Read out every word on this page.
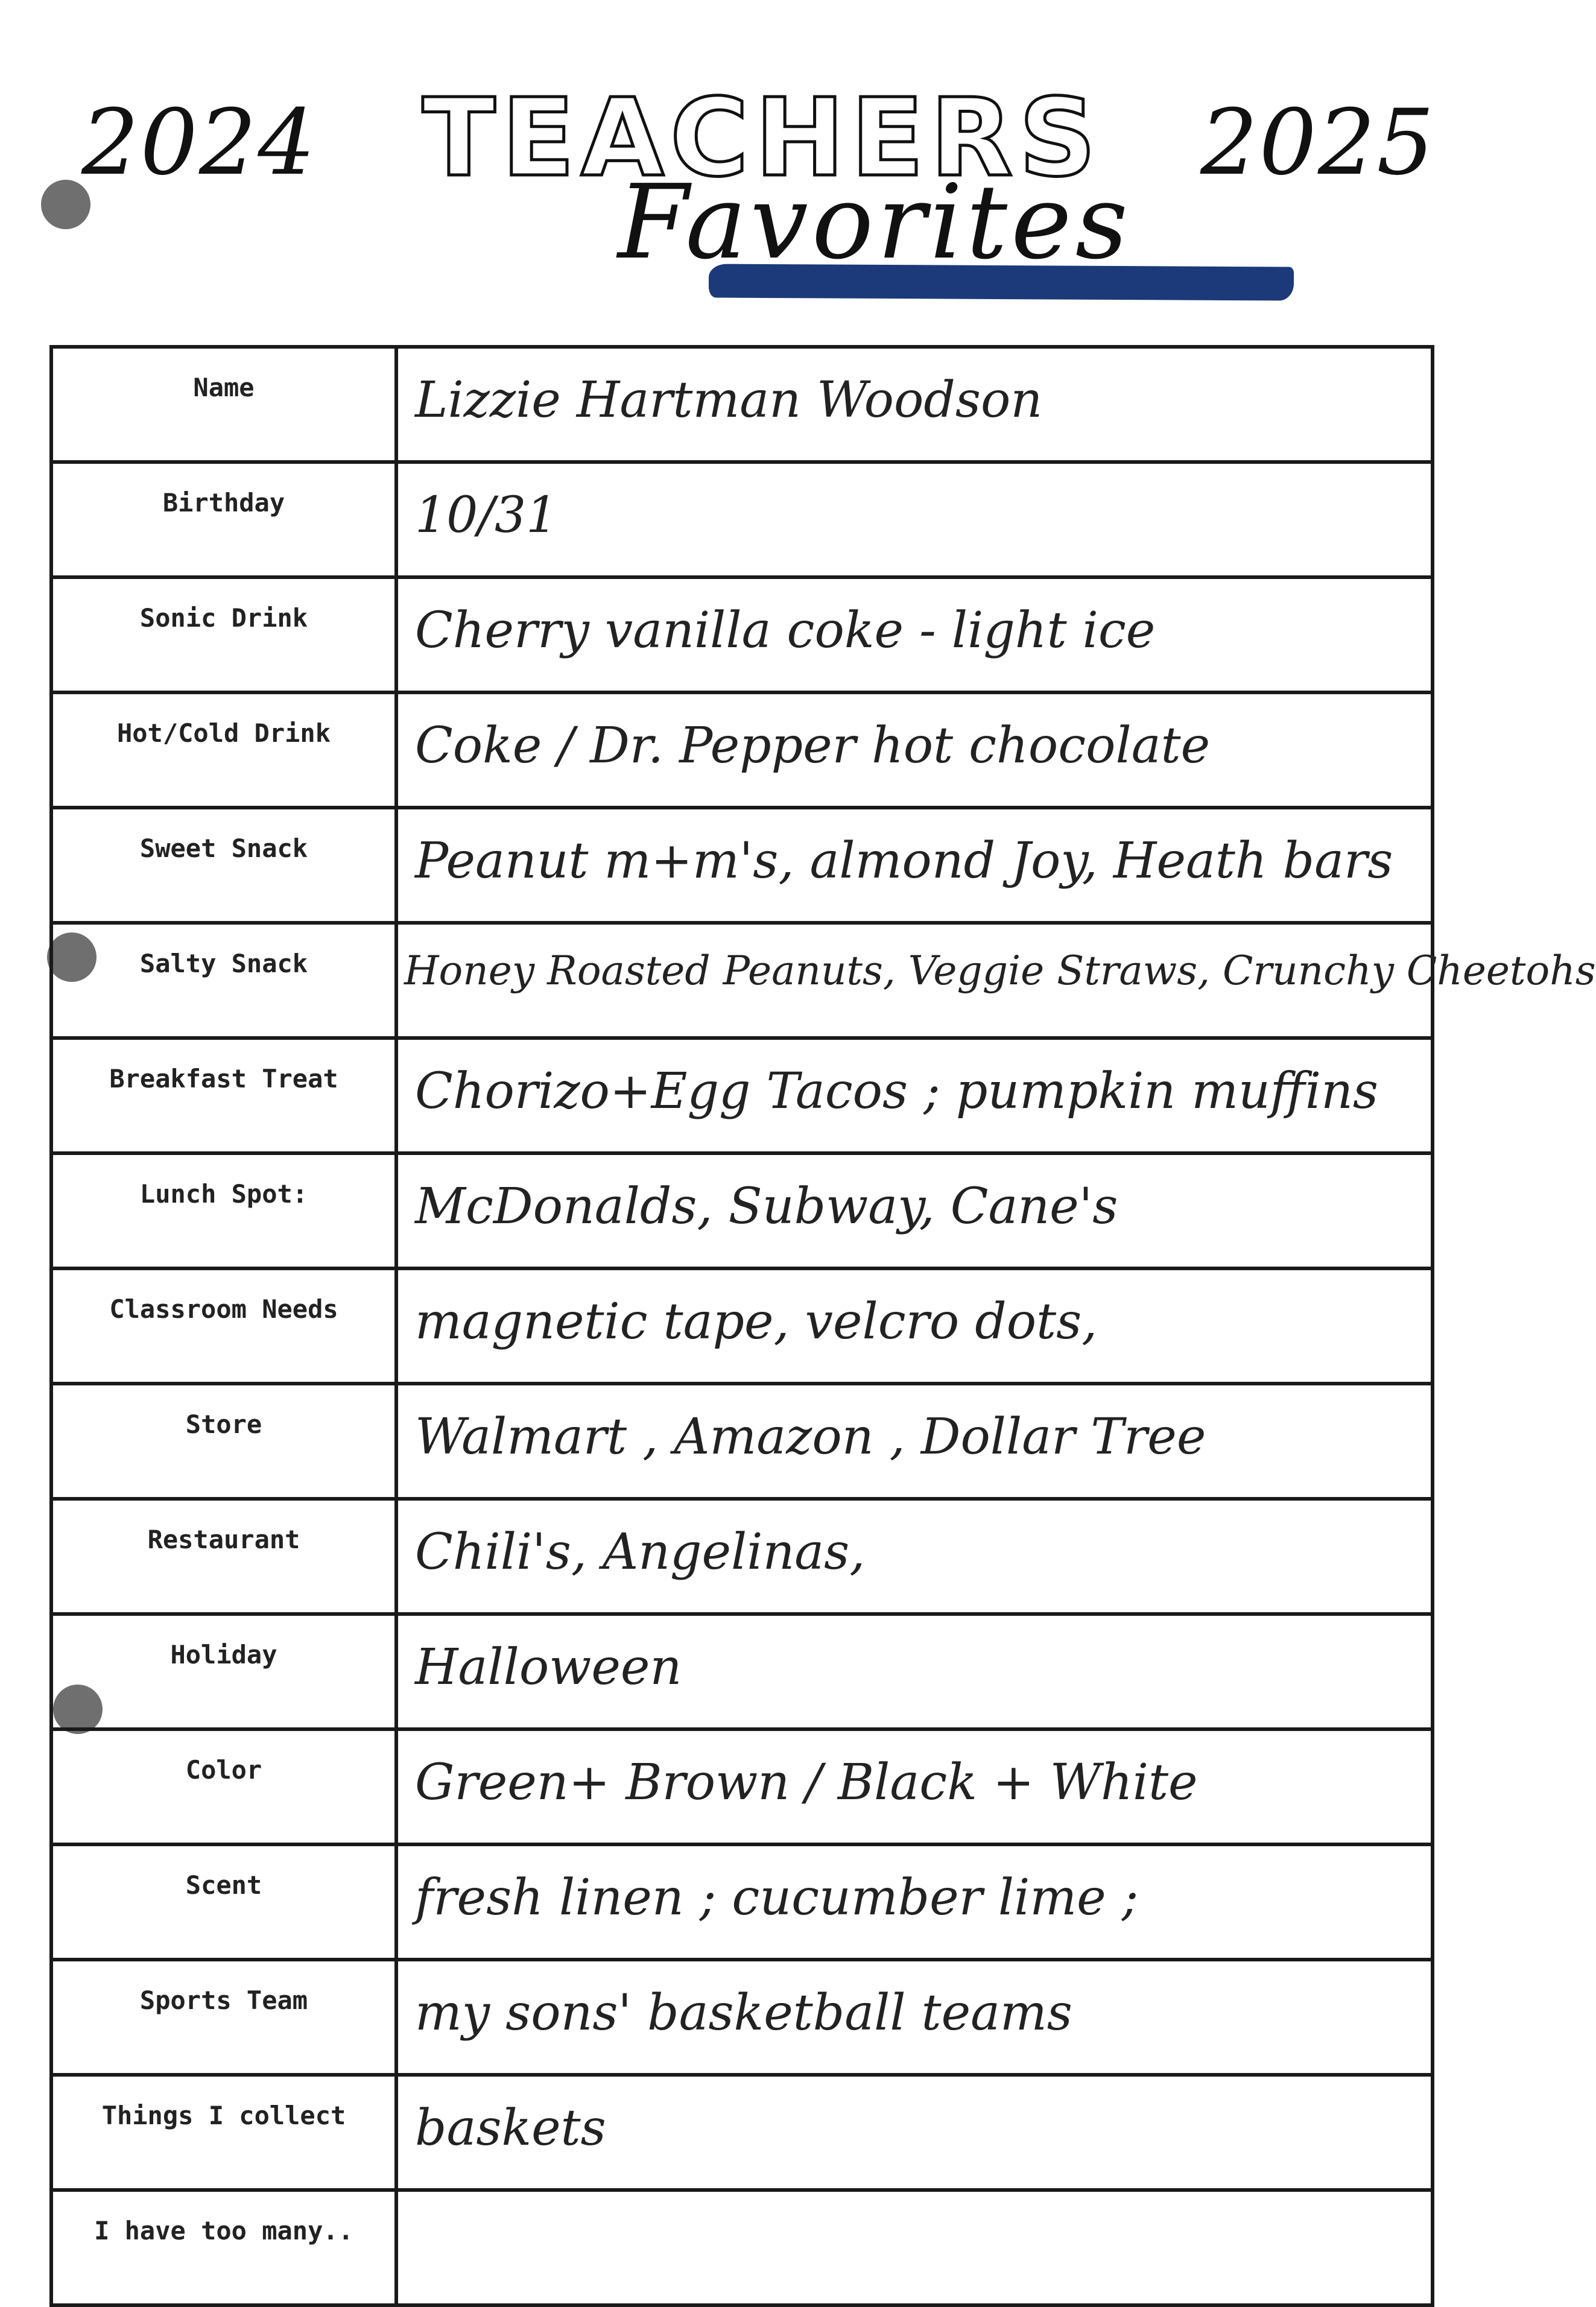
2024	2025
TEACHERS
Favorites
Name	Lizzie Hartman Woodson
Birthday	10/31
Sonic Drink	Cherry vanilla coke - light ice
Hot/Cold Drink	Coke / Dr. Pepper hot chocolate
Sweet Snack	Peanut m+m's, almond Joy, Heath bars
Salty Snack	Honey Roasted Peanuts, Veggie Straws, Crunchy Cheetohs
Breakfast Treat	Chorizo+Egg Tacos ; pumpkin muffins
Lunch Spot:	McDonalds, Subway, Cane's
Classroom Needs	magnetic tape, velcro dots,
Store	Walmart , Amazon , Dollar Tree
Restaurant	Chili's, Angelinas,
Holiday	Halloween
Color	Green+ Brown / Black + White
Scent	fresh linen ; cucumber lime ;
Sports Team	my sons' basketball teams
Things I collect	baskets
I have too many..	
